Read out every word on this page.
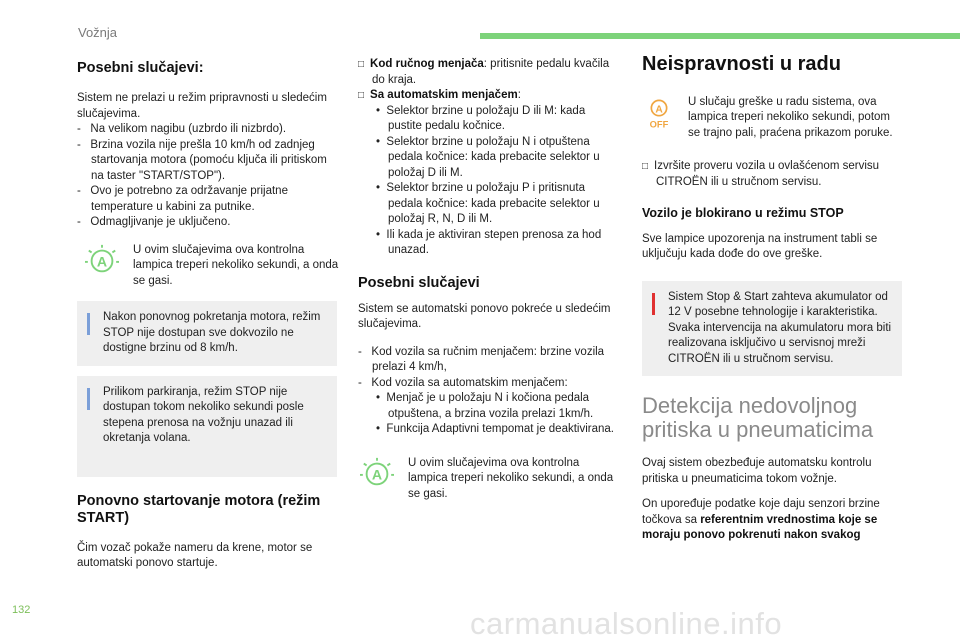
Vožnja

Posebni slučajevi:

Sistem ne prelazi u režim pripravnosti u sledećim slučajevima.

-   Na velikom nagibu (uzbrdo ili nizbrdo).

-   Brzina vozila nije prešla 10 km/h od zadnjeg startovanja motora (pomoću ključa ili pritiskom na taster "START/STOP").

-   Ovo je potrebno za održavanje prijatne temperature u kabini za putnike.

-   Odmagljivanje je uključeno.

A

U ovim slučajevima ova kontrolna lampica treperi nekoliko sekundi, a onda se gasi.

Nakon ponovnog pokretanja motora, režim STOP nije dostupan sve dokvozilo ne dostigne brzinu od 8 km/h.

Prilikom parkiranja, režim STOP nije dostupan tokom nekoliko sekundi posle stepena prenosa na vožnju unazad ili okretanja volana.

Ponovno startovanje motora (režim START)

Čim vozač pokaže nameru da krene, motor se automatski ponovo startuje.

□ Kod ručnog menjača: pritisnite pedalu kvačila do kraja.

□ Sa automatskim menjačem:

•  Selektor brzine u položaju D ili M: kada pustite pedalu kočnice.

•  Selektor brzine u položaju N i otpuštena pedala kočnice: kada prebacite selektor u položaj D ili M.

•  Selektor brzine u položaju P i pritisnuta pedala kočnice: kada prebacite selektor u položaj R, N, D ili M.

•  Ili kada je aktiviran stepen prenosa za hod unazad.

Posebni slučajevi

Sistem se automatski ponovo pokreće u sledećim slučajevima.

-   Kod vozila sa ručnim menjačem: brzine vozila prelazi 4 km/h,

-   Kod vozila sa automatskim menjačem:

•  Menjač je u položaju N i kočiona pedala otpuštena, a brzina vozila prelazi 1km/h.

•  Funkcija Adaptivni tempomat je deaktivirana.

A

U ovim slučajevima ova kontrolna lampica treperi nekoliko sekundi, a onda se gasi.

Neispravnosti u radu

A
OFF

U slučaju greške u radu sistema, ova lampica treperi nekoliko sekundi, potom se trajno pali, praćena prikazom poruke.

□ Izvršite proveru vozila u ovlašćenom servisu CITROËN ili u stručnom servisu.

Vozilo je blokirano u režimu STOP

Sve lampice upozorenja na instrument tabli se uključuju kada dođe do ove greške.

Sistem Stop & Start zahteva akumulator od 12 V posebne tehnologije i karakteristika. Svaka intervencija na akumulatoru mora biti realizovana isključivo u servisnoj mreži CITROËN ili u stručnom servisu.

Detekcija nedovoljnog pritiska u pneumaticima

Ovaj sistem obezbeđuje automatsku kontrolu pritiska u pneumaticima tokom vožnje.

On upoređuje podatke koje daju senzori brzine točkova sa referentnim vrednostima koje se moraju ponovo pokrenuti nakon svakog

132	carmanualsonline.info
